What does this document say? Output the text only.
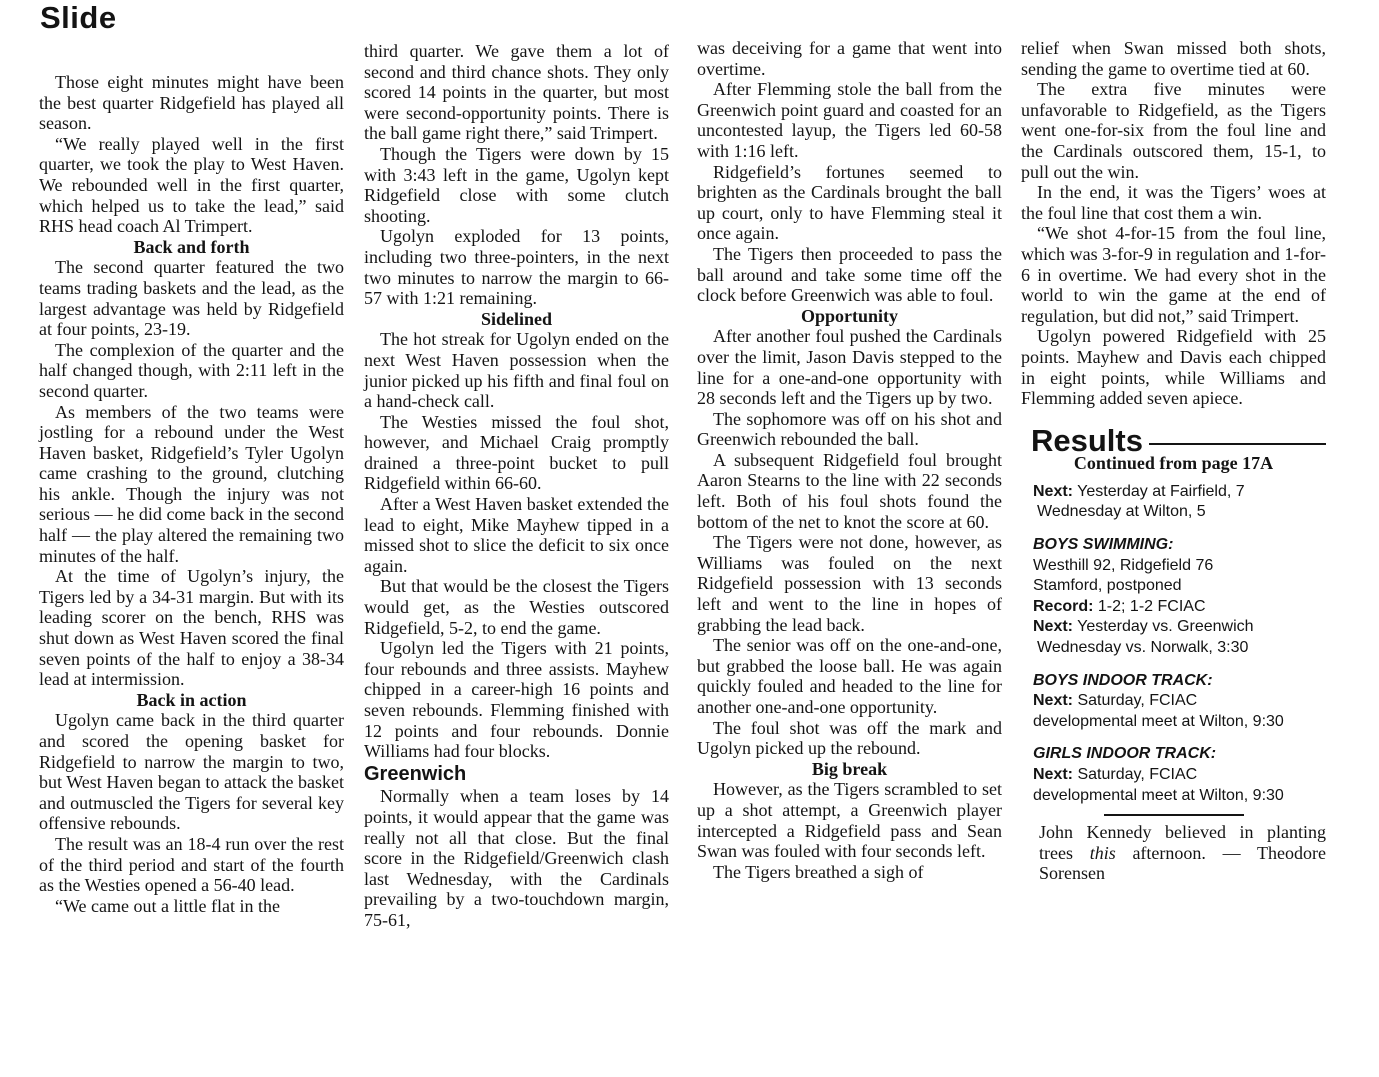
Slide

Those eight minutes might have been the best quarter Ridgefield has played all season.

“We really played well in the first quarter, we took the play to West Haven. We rebounded well in the first quarter, which helped us to take the lead,” said RHS head coach Al Trimpert.

Back and forth

The second quarter featured the two teams trading baskets and the lead, as the largest advantage was held by Ridgefield at four points, 23-19.

The complexion of the quarter and the half changed though, with 2:11 left in the second quarter.

As members of the two teams were jostling for a rebound under the West Haven basket, Ridgefield’s Tyler Ugolyn came crashing to the ground, clutching his ankle. Though the injury was not serious — he did come back in the second half — the play altered the remaining two minutes of the half.

At the time of Ugolyn’s injury, the Tigers led by a 34-31 margin. But with its leading scorer on the bench, RHS was shut down as West Haven scored the final seven points of the half to enjoy a 38-34 lead at intermission.

Back in action

Ugolyn came back in the third quarter and scored the opening basket for Ridgefield to narrow the margin to two, but West Haven began to attack the basket and outmuscled the Tigers for several key offensive rebounds.

The result was an 18-4 run over the rest of the third period and start of the fourth as the Westies opened a 56-40 lead.

“We came out a little flat in the

third quarter. We gave them a lot of second and third chance shots. They only scored 14 points in the quarter, but most were second-opportunity points. There is the ball game right there,” said Trimpert.

Though the Tigers were down by 15 with 3:43 left in the game, Ugolyn kept Ridgefield close with some clutch shooting.

Ugolyn exploded for 13 points, including two three-pointers, in the next two minutes to narrow the margin to 66-57 with 1:21 remaining.

Sidelined

The hot streak for Ugolyn ended on the next West Haven possession when the junior picked up his fifth and final foul on a hand-check call.

The Westies missed the foul shot, however, and Michael Craig promptly drained a three-point bucket to pull Ridgefield within 66-60.

After a West Haven basket extended the lead to eight, Mike Mayhew tipped in a missed shot to slice the deficit to six once again.

But that would be the closest the Tigers would get, as the Westies outscored Ridgefield, 5-2, to end the game.

Ugolyn led the Tigers with 21 points, four rebounds and three assists. Mayhew chipped in a career-high 16 points and seven rebounds. Flemming finished with 12 points and four rebounds. Donnie Williams had four blocks.

Greenwich

Normally when a team loses by 14 points, it would appear that the game was really not all that close. But the final score in the Ridgefield/Greenwich clash last Wednesday, with the Cardinals prevailing by a two-touchdown margin, 75-61,

was deceiving for a game that went into overtime.

After Flemming stole the ball from the Greenwich point guard and coasted for an uncontested layup, the Tigers led 60-58 with 1:16 left.

Ridgefield’s fortunes seemed to brighten as the Cardinals brought the ball up court, only to have Flemming steal it once again.

The Tigers then proceeded to pass the ball around and take some time off the clock before Greenwich was able to foul.

Opportunity

After another foul pushed the Cardinals over the limit, Jason Davis stepped to the line for a one-and-one opportunity with 28 seconds left and the Tigers up by two.

The sophomore was off on his shot and Greenwich rebounded the ball.

A subsequent Ridgefield foul brought Aaron Stearns to the line with 22 seconds left. Both of his foul shots found the bottom of the net to knot the score at 60.

The Tigers were not done, however, as Williams was fouled on the next Ridgefield possession with 13 seconds left and went to the line in hopes of grabbing the lead back.

The senior was off on the one-and-one, but grabbed the loose ball. He was again quickly fouled and headed to the line for another one-and-one opportunity.

The foul shot was off the mark and Ugolyn picked up the rebound.

Big break

However, as the Tigers scrambled to set up a shot attempt, a Greenwich player intercepted a Ridgefield pass and Sean Swan was fouled with four seconds left.

The Tigers breathed a sigh of

relief when Swan missed both shots, sending the game to overtime tied at 60.

The extra five minutes were unfavorable to Ridgefield, as the Tigers went one-for-six from the foul line and the Cardinals outscored them, 15-1, to pull out the win.

In the end, it was the Tigers’ woes at the foul line that cost them a win.

“We shot 4-for-15 from the foul line, which was 3-for-9 in regulation and 1-for-6 in overtime. We had every shot in the world to win the game at the end of regulation, but did not,” said Trimpert.

Ugolyn powered Ridgefield with 25 points. Mayhew and Davis each chipped in eight points, while Williams and Flemming added seven apiece.

Results
Continued from page 17A
Next: Yesterday at Fairfield, 7
Wednesday at Wilton, 5
BOYS SWIMMING:
Westhill 92, Ridgefield 76
Stamford, postponed
Record: 1-2; 1-2 FCIAC
Next: Yesterday vs. Greenwich
Wednesday vs. Norwalk, 3:30
BOYS INDOOR TRACK:
Next: Saturday, FCIAC
developmental meet at Wilton, 9:30
GIRLS INDOOR TRACK:
Next: Saturday, FCIAC
developmental meet at Wilton, 9:30

John Kennedy believed in planting trees this afternoon. — Theodore Sorensen
